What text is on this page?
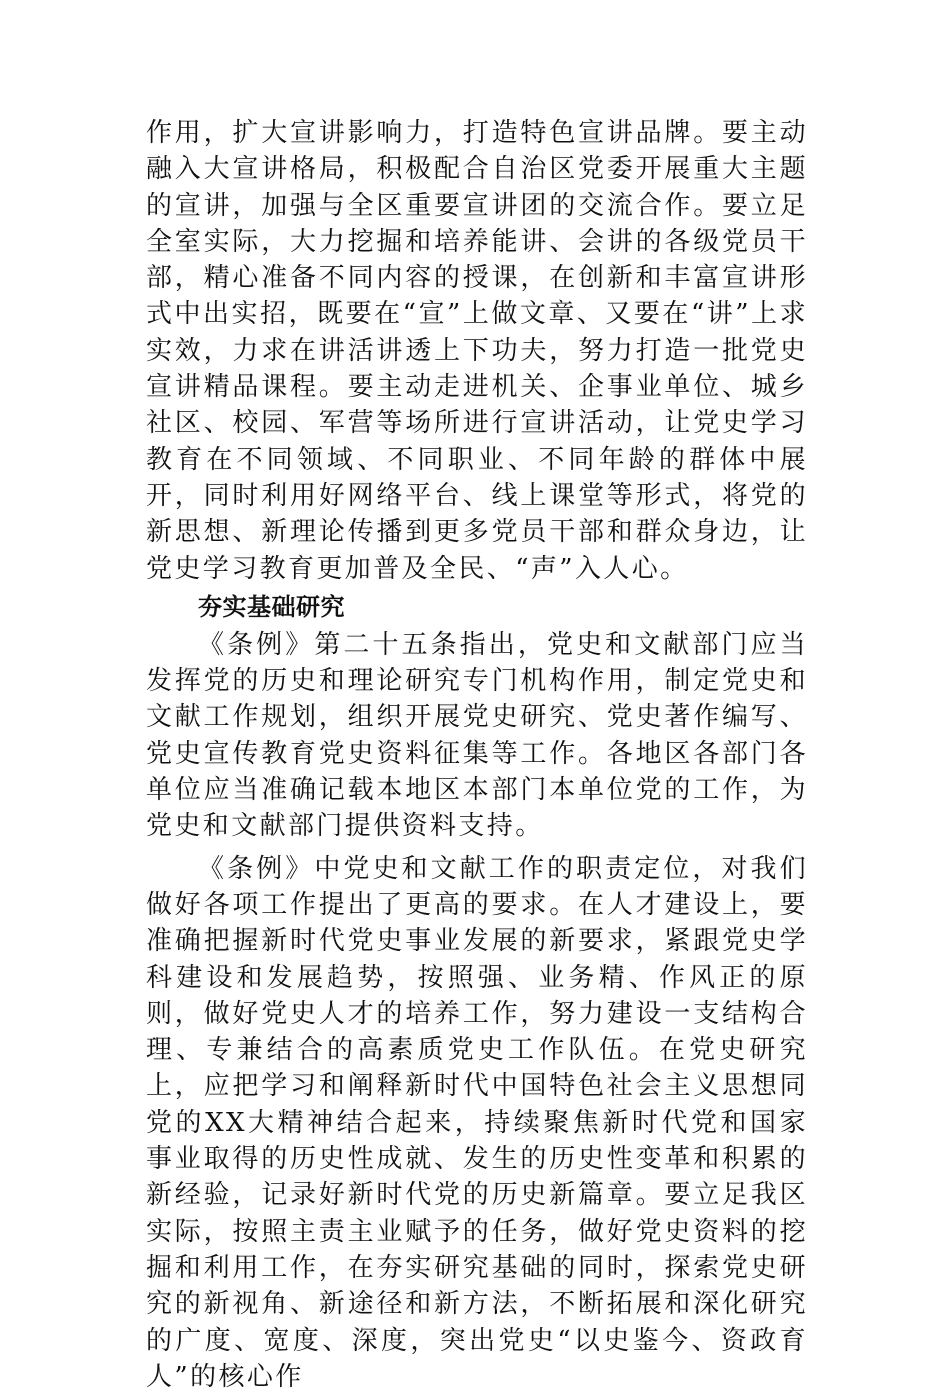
作用，扩大宣讲影响力，打造特色宣讲品牌。要主动融入大宣讲格局，积极配合自治区党委开展重大主题的宣讲，加强与全区重要宣讲团的交流合作。要立足全室实际，大力挖掘和培养能讲、会讲的各级党员干部，精心准备不同内容的授课，在创新和丰富宣讲形式中出实招，既要在“宣”上做文章、又要在“讲”上求实效，力求在讲活讲透上下功夫，努力打造一批党史宣讲精品课程。要主动走进机关、企事业单位、城乡社区、校园、军营等场所进行宣讲活动，让党史学习教育在不同领域、不同职业、不同年龄的群体中展开，同时利用好网络平台、线上课堂等形式，将党的新思想、新理论传播到更多党员干部和群众身边，让党史学习教育更加普及全民、“声”入人心。

夯实基础研究

《条例》第二十五条指出，党史和文献部门应当发挥党的历史和理论研究专门机构作用，制定党史和文献工作规划，组织开展党史研究、党史著作编写、党史宣传教育党史资料征集等工作。各地区各部门各单位应当准确记载本地区本部门本单位党的工作，为党史和文献部门提供资料支持。

《条例》中党史和文献工作的职责定位，对我们做好各项工作提出了更高的要求。在人才建设上，要准确把握新时代党史事业发展的新要求，紧跟党史学科建设和发展趋势，按照强、业务精、作风正的原则，做好党史人才的培养工作，努力建设一支结构合理、专兼结合的高素质党史工作队伍。在党史研究上，应把学习和阐释新时代中国特色社会主义思想同党的XX大精神结合起来，持续聚焦新时代党和国家事业取得的历史性成就、发生的历史性变革和积累的新经验，记录好新时代党的历史新篇章。要立足我区实际，按照主责主业赋予的任务，做好党史资料的挖掘和利用工作，在夯实研究基础的同时，探索党史研究的新视角、新途径和新方法，不断拓展和深化研究的广度、宽度、深度，突出党史“以史鉴今、资政育人”的核心作
